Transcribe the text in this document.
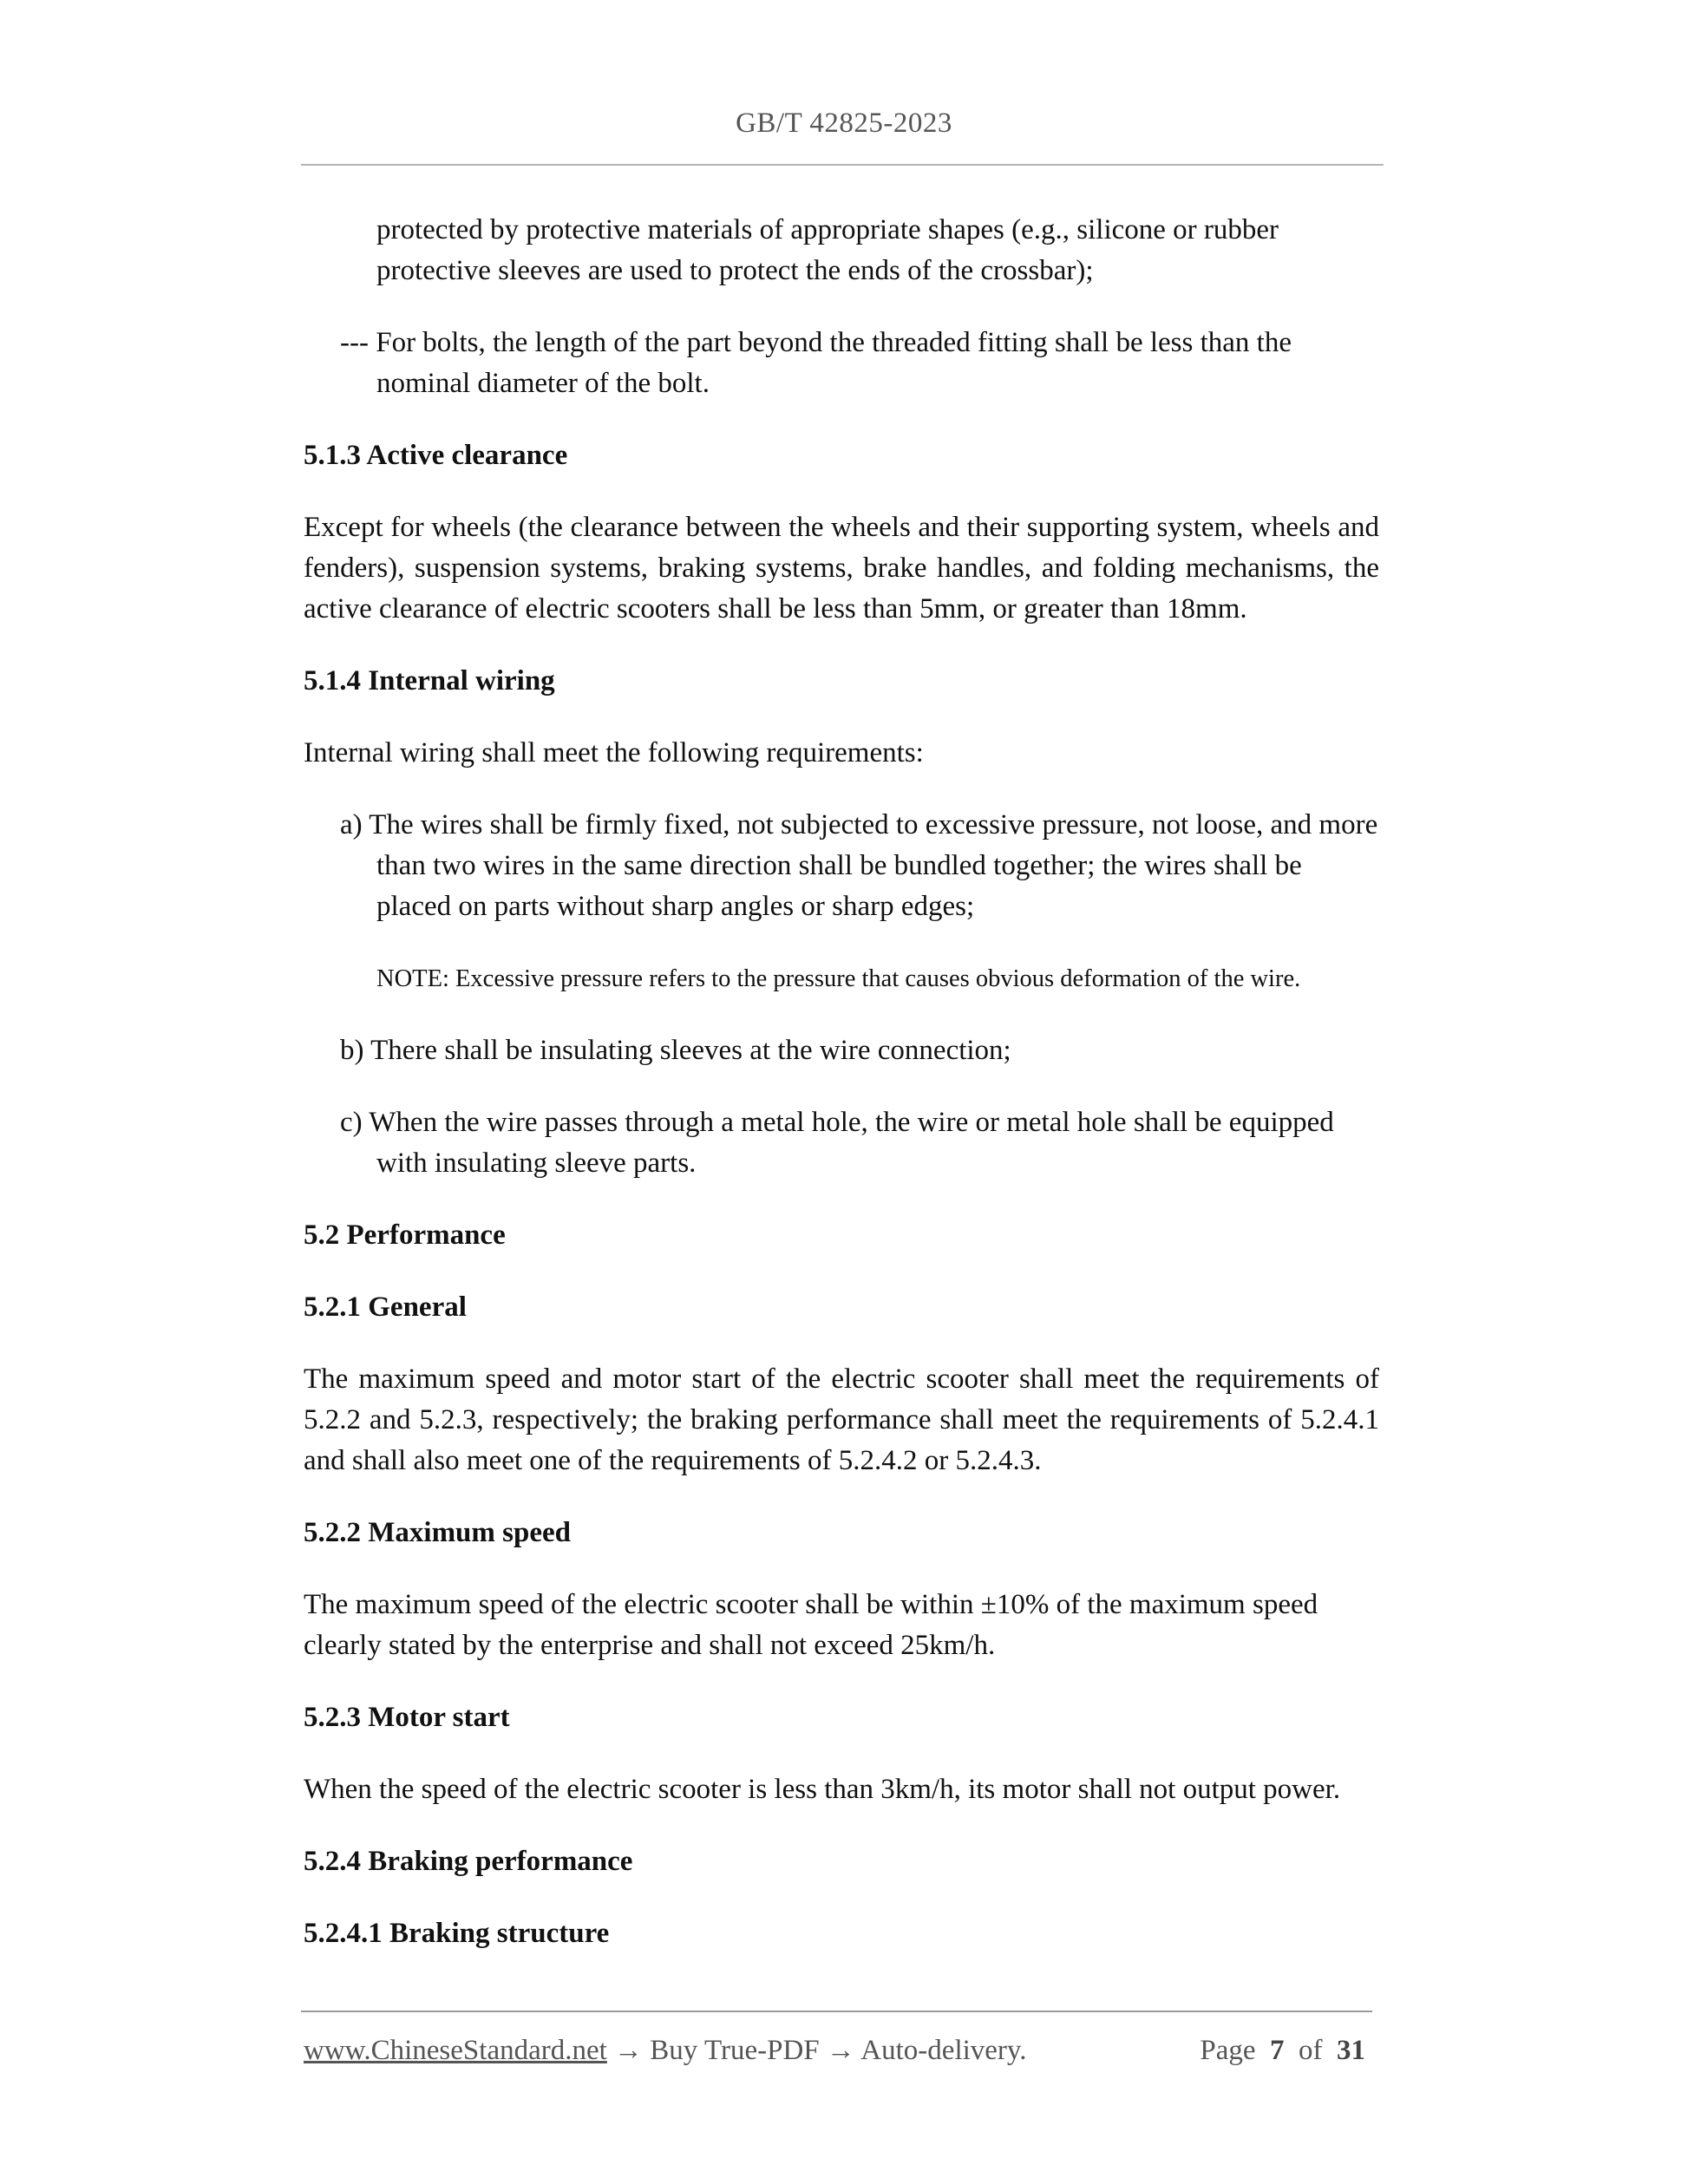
GB/T 42825-2023
protected by protective materials of appropriate shapes (e.g., silicone or rubber protective sleeves are used to protect the ends of the crossbar);
--- For bolts, the length of the part beyond the threaded fitting shall be less than the nominal diameter of the bolt.
5.1.3 Active clearance
Except for wheels (the clearance between the wheels and their supporting system, wheels and fenders), suspension systems, braking systems, brake handles, and folding mechanisms, the active clearance of electric scooters shall be less than 5mm, or greater than 18mm.
5.1.4 Internal wiring
Internal wiring shall meet the following requirements:
a) The wires shall be firmly fixed, not subjected to excessive pressure, not loose, and more than two wires in the same direction shall be bundled together; the wires shall be placed on parts without sharp angles or sharp edges;
NOTE: Excessive pressure refers to the pressure that causes obvious deformation of the wire.
b) There shall be insulating sleeves at the wire connection;
c) When the wire passes through a metal hole, the wire or metal hole shall be equipped with insulating sleeve parts.
5.2 Performance
5.2.1 General
The maximum speed and motor start of the electric scooter shall meet the requirements of 5.2.2 and 5.2.3, respectively; the braking performance shall meet the requirements of 5.2.4.1 and shall also meet one of the requirements of 5.2.4.2 or 5.2.4.3.
5.2.2 Maximum speed
The maximum speed of the electric scooter shall be within ±10% of the maximum speed clearly stated by the enterprise and shall not exceed 25km/h.
5.2.3 Motor start
When the speed of the electric scooter is less than 3km/h, its motor shall not output power.
5.2.4 Braking performance
5.2.4.1 Braking structure
www.ChineseStandard.net → Buy True-PDF → Auto-delivery.	Page 7 of 31
